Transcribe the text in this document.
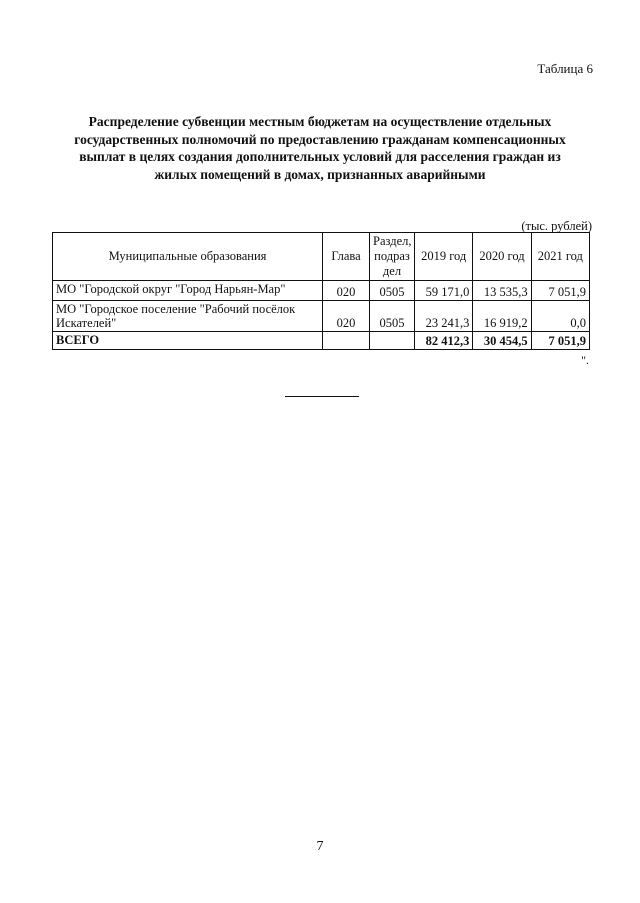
Таблица 6
Распределение субвенции местным бюджетам на осуществление отдельных государственных полномочий по предоставлению гражданам компенсационных выплат в целях создания дополнительных условий для расселения граждан из жилых помещений в домах, признанных аварийными
(тыс. рублей)
Муниципальные образования	Глава	Раздел, подраз дел	2019 год	2020 год	2021 год
МО "Городской округ "Город Нарьян-Мар"	020	0505	59 171,0	13 535,3	7 051,9
МО "Городское поселение "Рабочий посёлок Искателей"	020	0505	23 241,3	16 919,2	0,0
ВСЕГО			82 412,3	30 454,5	7 051,9
".
7
